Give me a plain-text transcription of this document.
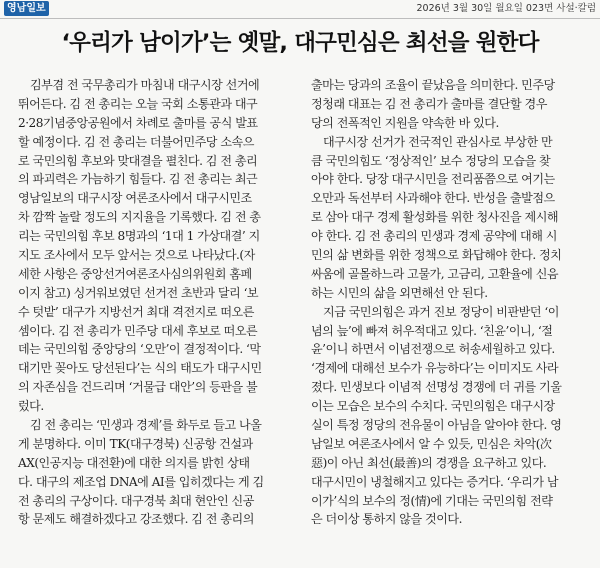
영남일보	2026년 3월 30일 월요일 023면 사설·칼럼
‘우리가 남이가’는 옛말, 대구민심은 최선을 원한다
김부겸 전 국무총리가 마침내 대구시장 선거에
뛰어든다. 김 전 총리는 오늘 국회 소통관과 대구
2·28기념중앙공원에서 차례로 출마를 공식 발표
할 예정이다. 김 전 총리는 더불어민주당 소속으
로 국민의힘 후보와 맞대결을 펼친다. 김 전 총리
의 파괴력은 가늠하기 힘들다. 김 전 총리는 최근
영남일보의 대구시장 여론조사에서 대구시민조
차 깜짝 놀랄 정도의 지지율을 기록했다. 김 전 총
리는 국민의힘 후보 8명과의 ‘1대 1 가상대결’ 지
지도 조사에서 모두 앞서는 것으로 나타났다.(자
세한 사항은 중앙선거여론조사심의위원회 홈페
이지 참고) 싱거워보였던 선거전 초반과 달리 ‘보
수 텃밭’ 대구가 지방선거 최대 격전지로 떠오른
셈이다. 김 전 총리가 민주당 대세 후보로 떠오른
데는 국민의힘 중앙당의 ‘오만’이 결정적이다. ‘막
대기만 꽂아도 당선된다’는 식의 태도가 대구시민
의 자존심을 건드리며 ‘거물급 대안’의 등판을 불
렀다.
김 전 총리는 ‘민생과 경제’를 화두로 들고 나올
게 분명하다. 이미 TK(대구경북) 신공항 건설과
AX(인공지능 대전환)에 대한 의지를 밝힌 상태
다. 대구의 제조업 DNA에 AI를 입히겠다는 게 김
전 총리의 구상이다. 대구경북 최대 현안인 신공
항 문제도 해결하겠다고 강조했다. 김 전 총리의
출마는 당과의 조율이 끝났음을 의미한다. 민주당
정청래 대표는 김 전 총리가 출마를 결단할 경우
당의 전폭적인 지원을 약속한 바 있다.
대구시장 선거가 전국적인 관심사로 부상한 만
큼 국민의힘도 ‘정상적인’ 보수 정당의 모습을 찾
아야 한다. 당장 대구시민을 전리품쯤으로 여기는
오만과 독선부터 사과해야 한다. 반성을 출발점으
로 삼아 대구 경제 활성화를 위한 청사진을 제시해
야 한다. 김 전 총리의 민생과 경제 공약에 대해 시
민의 삶 변화를 위한 정책으로 화답해야 한다. 정치
싸움에 골몰하느라 고물가, 고금리, 고환율에 신음
하는 시민의 삶을 외면해선 안 된다.
지금 국민의힘은 과거 진보 정당이 비판받던 ‘이
념의 늪’에 빠져 허우적대고 있다. ‘친윤’이니, ‘절
윤’이니 하면서 이념전쟁으로 허송세월하고 있다.
‘경제에 대해선 보수가 유능하다’는 이미지도 사라
졌다. 민생보다 이념적 선명성 경쟁에 더 귀를 기울
이는 모습은 보수의 수치다. 국민의힘은 대구시장
실이 특정 정당의 전유물이 아님을 알아야 한다. 영
남일보 여론조사에서 알 수 있듯, 민심은 차악(次
惡)이 아닌 최선(最善)의 경쟁을 요구하고 있다.
대구시민이 냉철해지고 있다는 증거다. ‘우리가 남
이가’식의 보수의 정(情)에 기대는 국민의힘 전략
은 더이상 통하지 않을 것이다.
